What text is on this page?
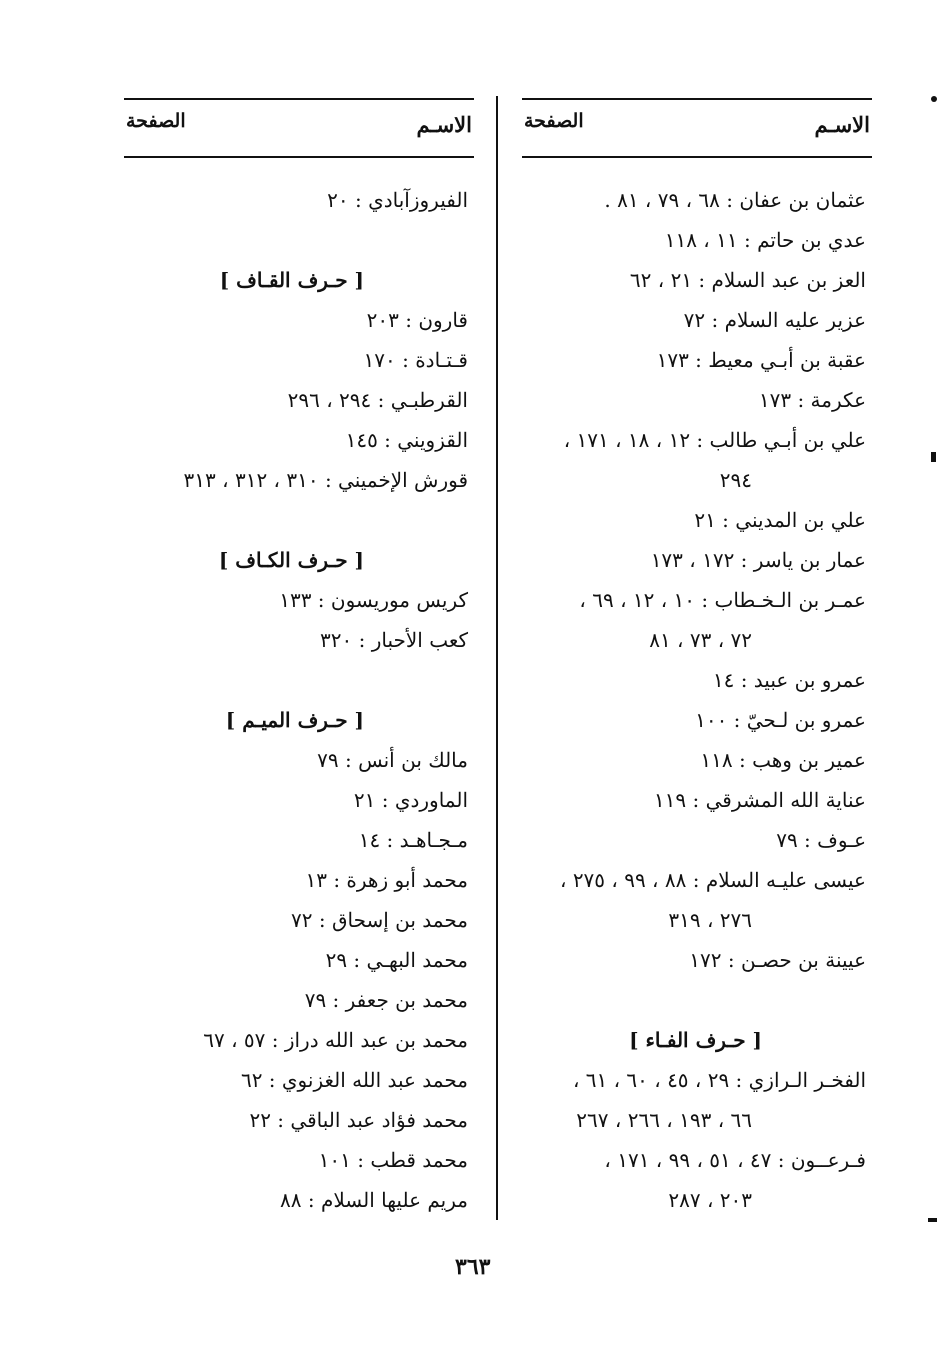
الاسـم
الصفحة
عثمان بن عفان : ٦٨ ، ٧٩ ، ٨١ .
عدي بن حاتم : ١١ ، ١١٨
العز بن عبد السلام : ٢١ ، ٦٢
عزير عليه السلام : ٧٢
عقبة بن أبـي معيط : ١٧٣
عكرمة : ١٧٣
علي بن أبـي طالب : ١٢ ، ١٨ ، ١٧١ ،
٢٩٤
علي بن المديني : ٢١
عمار بن ياسر : ١٧٢ ، ١٧٣
عمـر بن الـخـطاب : ١٠ ، ١٢ ، ٦٩ ،
٧٢ ، ٧٣ ، ٨١
عمرو بن عبيد : ١٤
عمرو بن لـحيّ : ١٠٠
عمير بن وهب : ١١٨
عناية الله المشرقي : ١١٩
عـوف : ٧٩
عيسى عليـه السلام : ٨٨ ، ٩٩ ، ٢٧٥ ،
٢٧٦ ، ٣١٩
عيينة بن حصـن : ١٧٢
[ حـرف الفـاء ]
الفخـر الـرازي : ٢٩ ، ٤٥ ، ٦٠ ، ٦١ ،
٦٦ ، ١٩٣ ، ٢٦٦ ، ٢٦٧
فـرعــون : ٤٧ ، ٥١ ، ٩٩ ، ١٧١ ،
٢٠٣ ، ٢٨٧
الاسـم
الصفحة
الفيروزآبادي : ٢٠
[ حـرف القـاف ]
قارون : ٢٠٣
قـتـادة : ١٧٠
القرطبـي : ٢٩٤ ، ٢٩٦
القزويني : ١٤٥
قورش الإخميني : ٣١٠ ، ٣١٢ ، ٣١٣
[ حـرف الكـاف ]
كريس موريسون : ١٣٣
كعب الأحبار : ٣٢٠
[ حـرف الميـم ]
مالك بن أنس : ٧٩
الماوردي : ٢١
مـجـاهـد : ١٤
محمد أبو زهرة : ١٣
محمد بن إسحاق : ٧٢
محمد البهـي : ٢٩
محمد بن جعفر : ٧٩
محمد بن عبد الله دراز : ٥٧ ، ٦٧
محمد عبد الله الغزنوي : ٦٢
محمد فؤاد عبد الباقي : ٢٢
محمد قطب : ١٠١
مريم عليها السلام : ٨٨
٣٦٣
